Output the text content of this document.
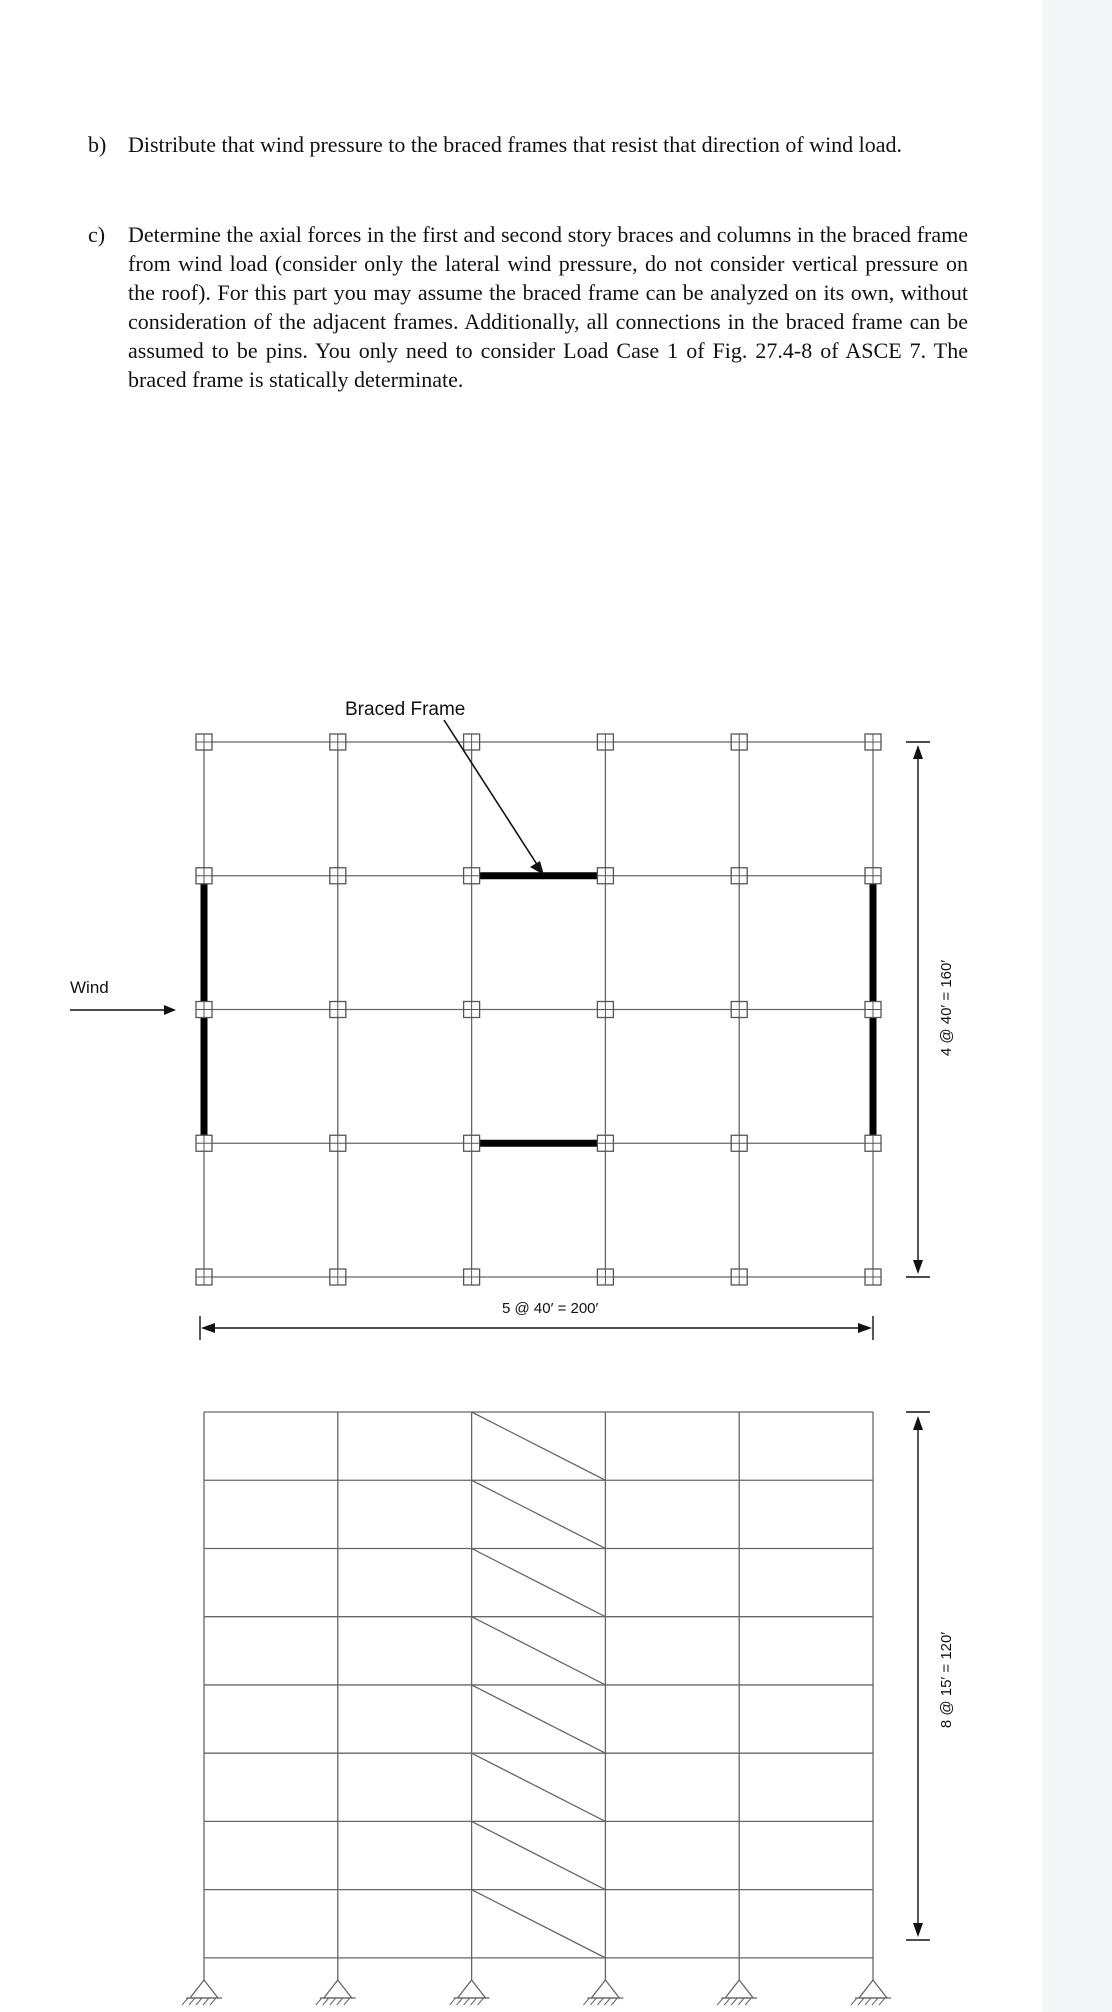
b) Distribute that wind pressure to the braced frames that resist that direction of wind load.
c) Determine the axial forces in the first and second story braces and columns in the braced frame from wind load (consider only the lateral wind pressure, do not consider vertical pressure on the roof). For this part you may assume the braced frame can be analyzed on its own, without consideration of the adjacent frames. Additionally, all connections in the braced frame can be assumed to be pins. You only need to consider Load Case 1 of Fig. 27.4-8 of ASCE 7. The braced frame is statically determinate.

Braced Frame
Wind
5 @ 40′ = 200′
4 @ 40′ = 160′
8 @ 15′ = 120′
